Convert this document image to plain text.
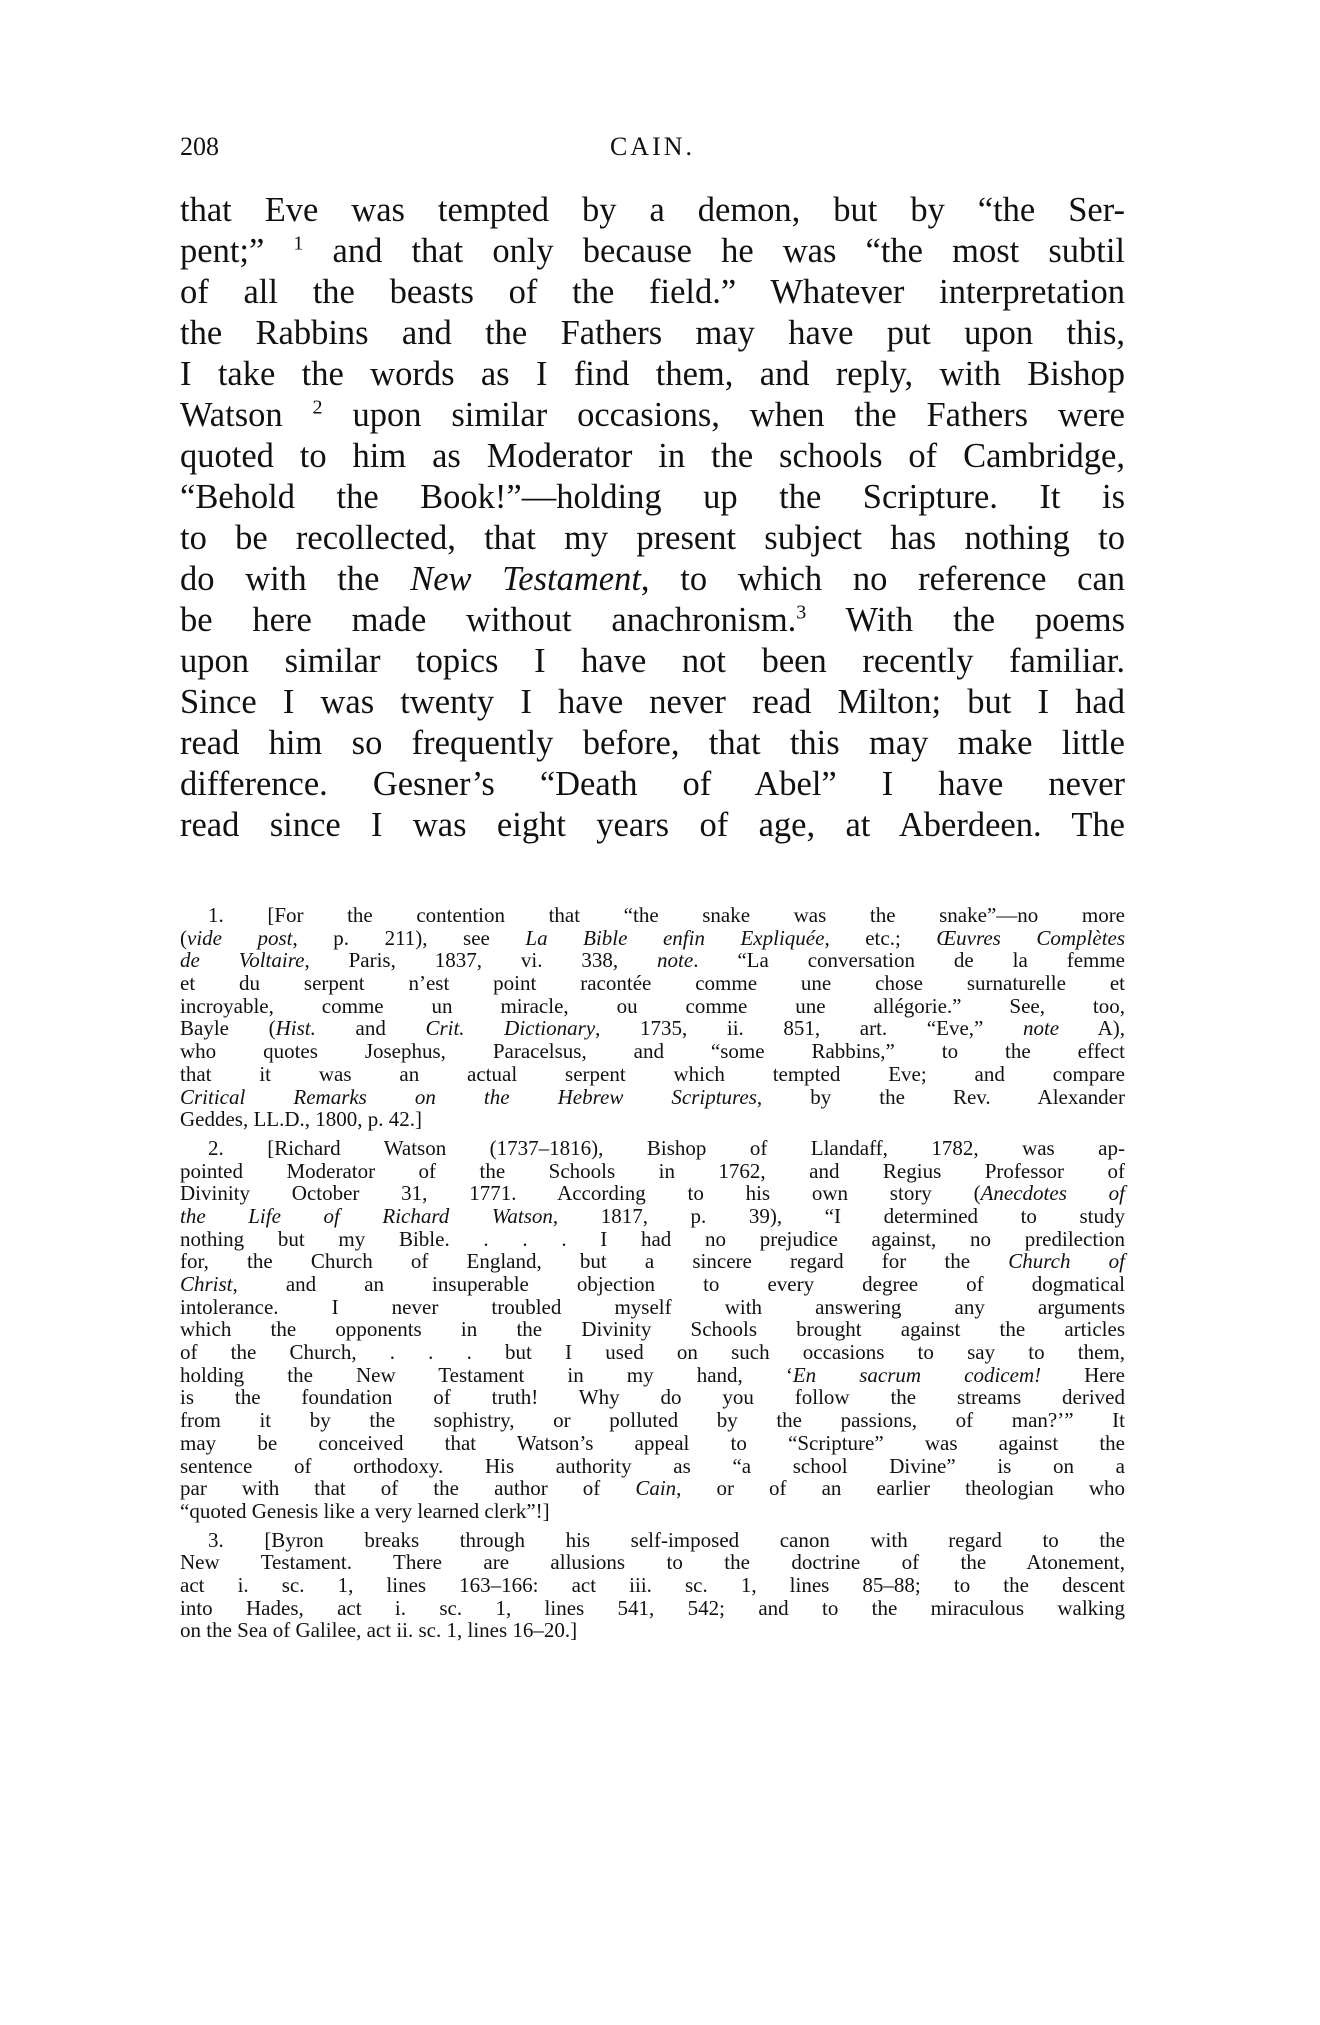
208	CAIN.
that Eve was tempted by a demon, but by “the Ser-
pent;” $^1$ and that only because he was “the most subtil
of all the beasts of the field.” Whatever interpretation
the Rabbins and the Fathers may have put upon this,
I take the words as I find them, and reply, with Bishop
Watson $^2$ upon similar occasions, when the Fathers were
quoted to him as Moderator in the schools of Cambridge,
“Behold the Book!”—holding up the Scripture. It is
to be recollected, that my present subject has nothing to
do with the New Testament, to which no reference can
be here made without anachronism.$^3$ With the poems
upon similar topics I have not been recently familiar.
Since I was twenty I have never read Milton; but I had
read him so frequently before, that this may make little
difference. Gesner’s “Death of Abel” I have never
read since I was eight years of age, at Aberdeen. The
1. [For the contention that “the snake was the snake”—no more
(vide post, p. 211), see La Bible enfin Expliquée, etc.; Œuvres Complètes
de Voltaire, Paris, 1837, vi. 338, note. “La conversation de la femme
et du serpent n’est point racontée comme une chose surnaturelle et
incroyable, comme un miracle, ou comme une allégorie.” See, too,
Bayle (Hist. and Crit. Dictionary, 1735, ii. 851, art. “Eve,” note A),
who quotes Josephus, Paracelsus, and “some Rabbins,” to the effect
that it was an actual serpent which tempted Eve; and compare
Critical Remarks on the Hebrew Scriptures, by the Rev. Alexander
Geddes, LL.D., 1800, p. 42.]
2. [Richard Watson (1737–1816), Bishop of Llandaff, 1782, was ap-
pointed Moderator of the Schools in 1762, and Regius Professor of
Divinity October 31, 1771. According to his own story (Anecdotes of
the Life of Richard Watson, 1817, p. 39), “I determined to study
nothing but my Bible. . . . I had no prejudice against, no predilection
for, the Church of England, but a sincere regard for the Church of
Christ, and an insuperable objection to every degree of dogmatical
intolerance. I never troubled myself with answering any arguments
which the opponents in the Divinity Schools brought against the articles
of the Church, . . . but I used on such occasions to say to them,
holding the New Testament in my hand, ‘En sacrum codicem! Here
is the foundation of truth! Why do you follow the streams derived
from it by the sophistry, or polluted by the passions, of man?’” It
may be conceived that Watson’s appeal to “Scripture” was against the
sentence of orthodoxy. His authority as “a school Divine” is on a
par with that of the author of Cain, or of an earlier theologian who
“quoted Genesis like a very learned clerk”!]
3. [Byron breaks through his self-imposed canon with regard to the
New Testament. There are allusions to the doctrine of the Atonement,
act i. sc. 1, lines 163–166: act iii. sc. 1, lines 85–88; to the descent
into Hades, act i. sc. 1, lines 541, 542; and to the miraculous walking
on the Sea of Galilee, act ii. sc. 1, lines 16–20.]
